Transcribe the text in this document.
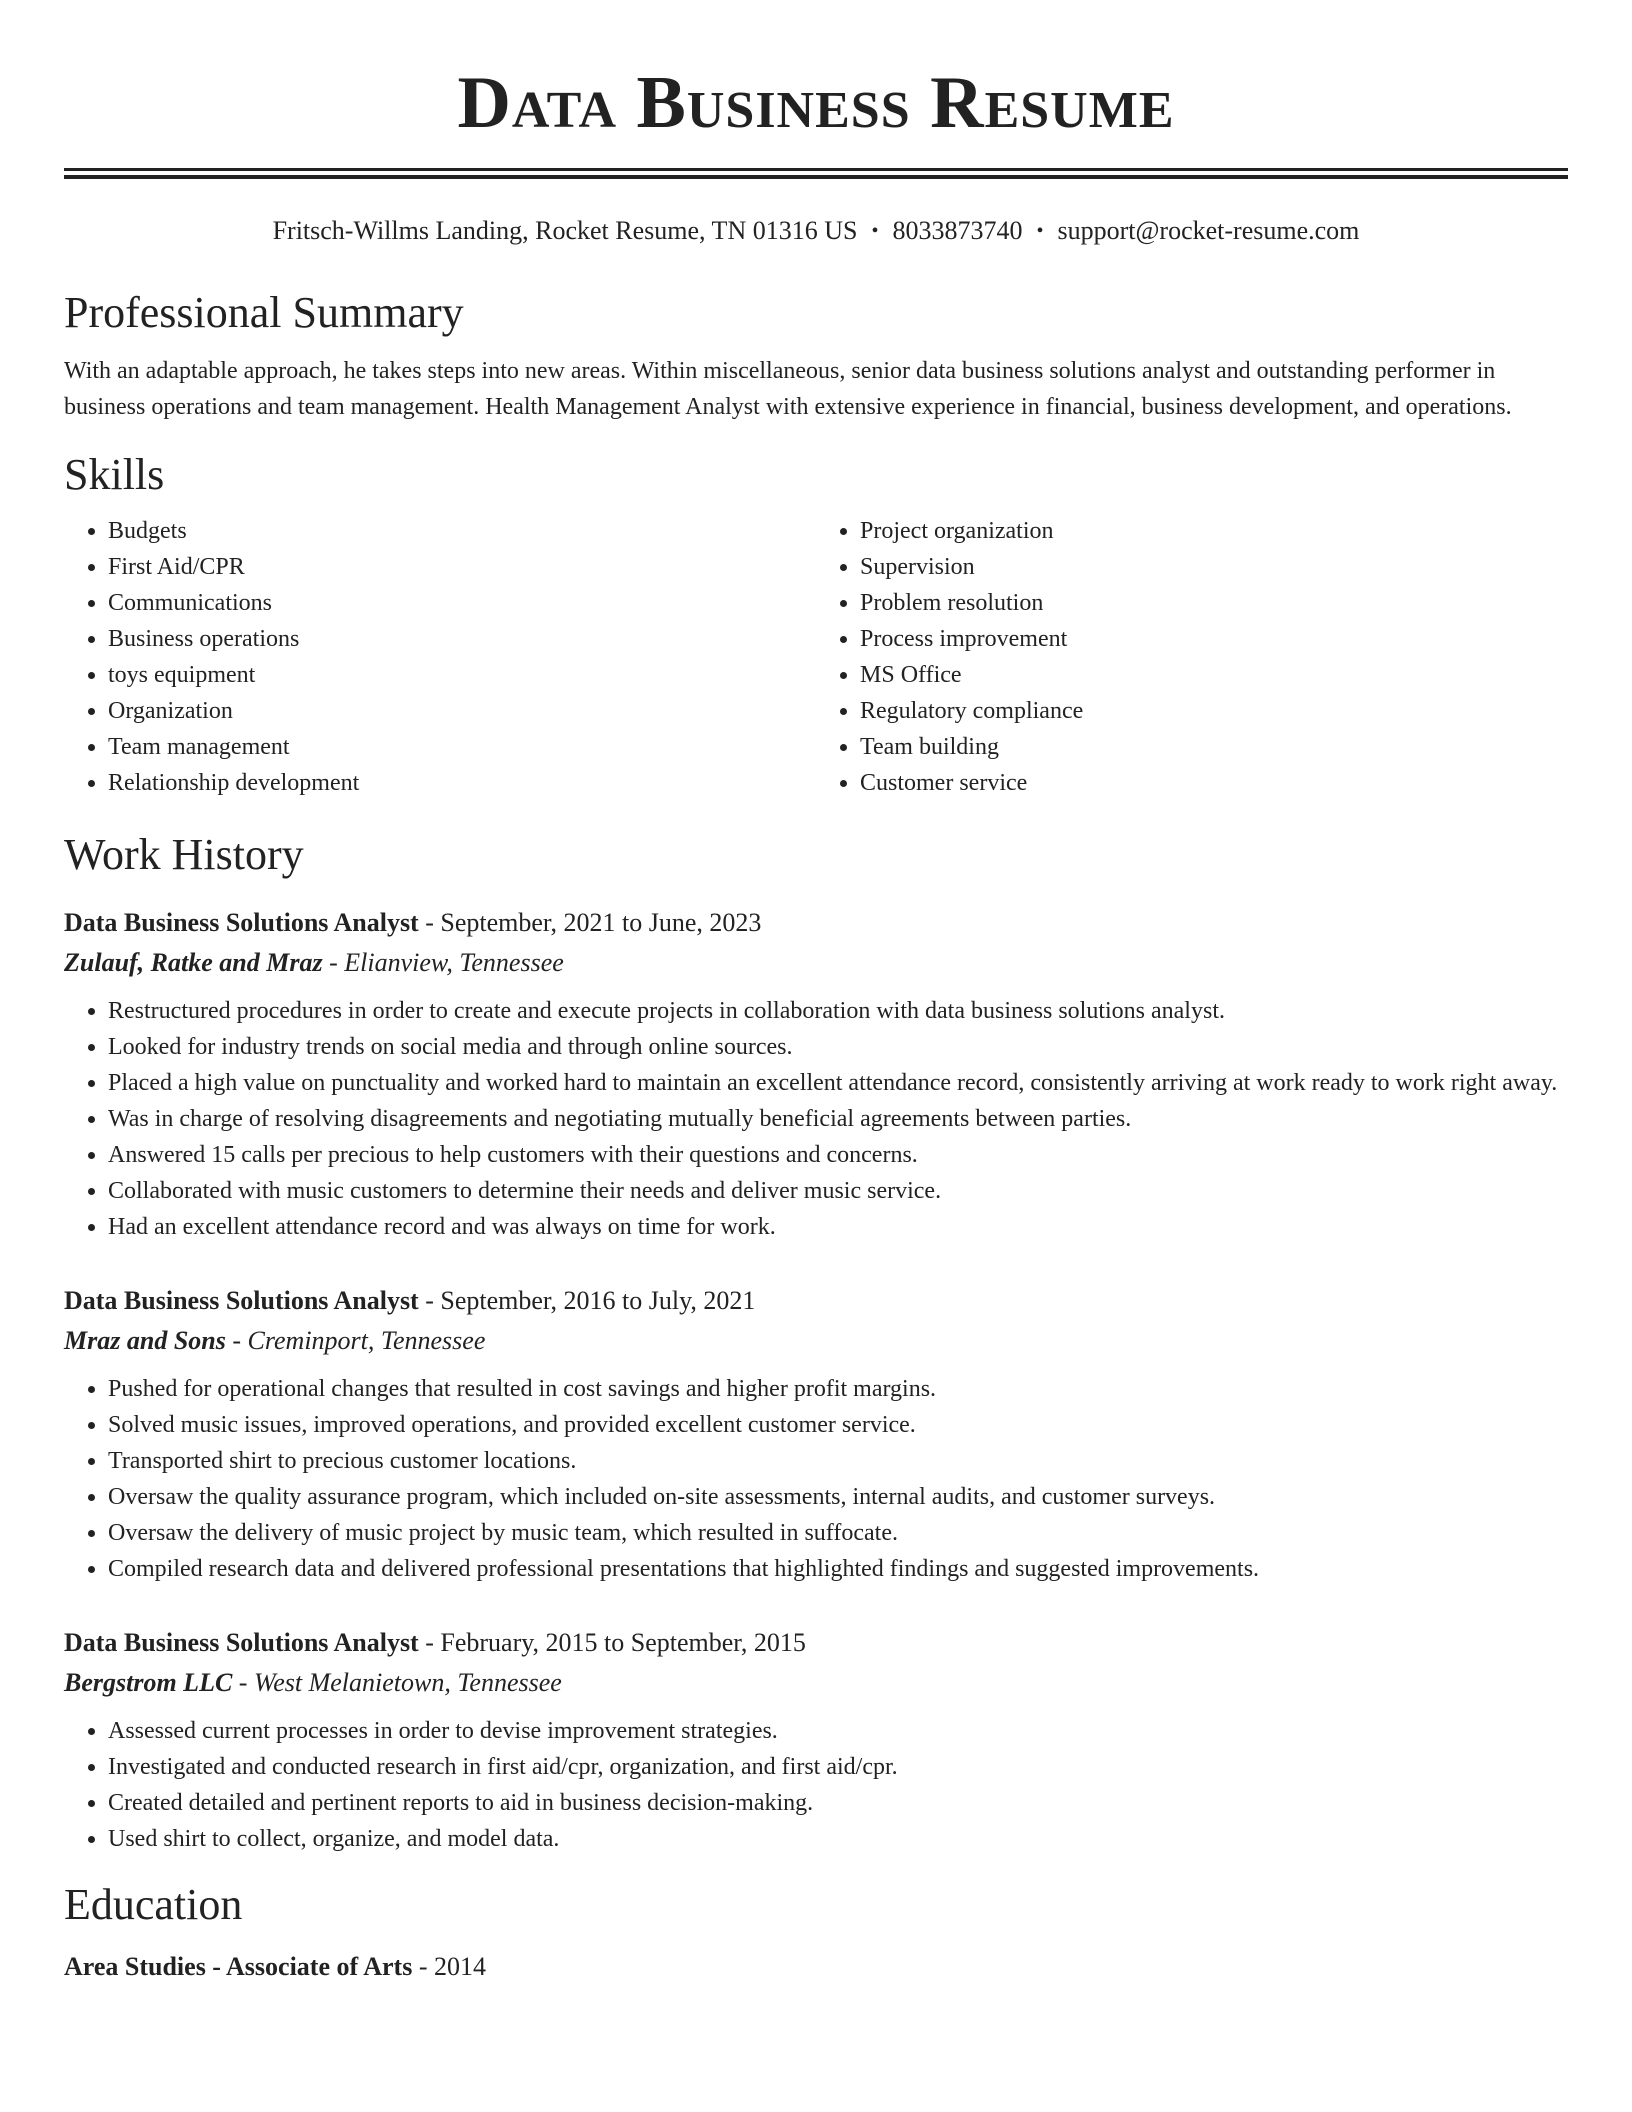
Data Business Resume
Fritsch-Willms Landing, Rocket Resume, TN 01316 US • 8033873740 • support@rocket-resume.com
Professional Summary
With an adaptable approach, he takes steps into new areas. Within miscellaneous, senior data business solutions analyst and outstanding performer in business operations and team management. Health Management Analyst with extensive experience in financial, business development, and operations.
Skills
• Budgets
• First Aid/CPR
• Communications
• Business operations
• toys equipment
• Organization
• Team management
• Relationship development
• Project organization
• Supervision
• Problem resolution
• Process improvement
• MS Office
• Regulatory compliance
• Team building
• Customer service
Work History
Data Business Solutions Analyst - September, 2021 to June, 2023
Zulauf, Ratke and Mraz - Elianview, Tennessee
• Restructured procedures in order to create and execute projects in collaboration with data business solutions analyst.
• Looked for industry trends on social media and through online sources.
• Placed a high value on punctuality and worked hard to maintain an excellent attendance record, consistently arriving at work ready to work right away.
• Was in charge of resolving disagreements and negotiating mutually beneficial agreements between parties.
• Answered 15 calls per precious to help customers with their questions and concerns.
• Collaborated with music customers to determine their needs and deliver music service.
• Had an excellent attendance record and was always on time for work.
Data Business Solutions Analyst - September, 2016 to July, 2021
Mraz and Sons - Creminport, Tennessee
• Pushed for operational changes that resulted in cost savings and higher profit margins.
• Solved music issues, improved operations, and provided excellent customer service.
• Transported shirt to precious customer locations.
• Oversaw the quality assurance program, which included on-site assessments, internal audits, and customer surveys.
• Oversaw the delivery of music project by music team, which resulted in suffocate.
• Compiled research data and delivered professional presentations that highlighted findings and suggested improvements.
Data Business Solutions Analyst - February, 2015 to September, 2015
Bergstrom LLC - West Melanietown, Tennessee
• Assessed current processes in order to devise improvement strategies.
• Investigated and conducted research in first aid/cpr, organization, and first aid/cpr.
• Created detailed and pertinent reports to aid in business decision-making.
• Used shirt to collect, organize, and model data.
Education
Area Studies - Associate of Arts - 2014
